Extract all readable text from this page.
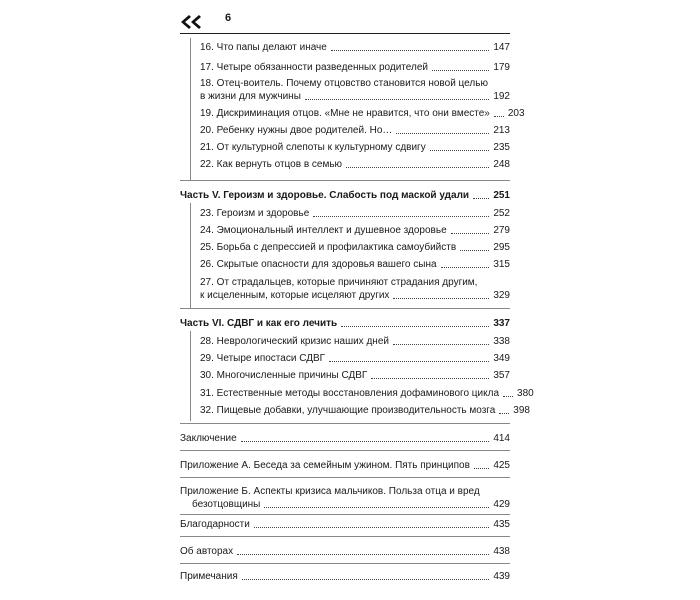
6
16. Что папы делают иначе	147
17. Четыре обязанности разведенных родителей	179
18. Отец-воитель. Почему отцовство становится новой целью
в жизни для мужчины	192
19. Дискриминация отцов. «Мне не нравится, что они вместе» 203
20. Ребенку нужны двое родителей. Но…	213
21. От культурной слепоты к культурному сдвигу	235
22. Как вернуть отцов в семью	248
Часть V. Героизм и здоровье. Слабость под маской удали 251
23. Героизм и здоровье	252
24. Эмоциональный интеллект и душевное здоровье	279
25. Борьба с депрессией и профилактика самоубийств	295
26. Скрытые опасности для здоровья вашего сына	315
27. От страдальцев, которые причиняют страдания другим,
к исцеленным, которые исцеляют других	329
Часть VI. СДВГ и как его лечить	337
28. Неврологический кризис наших дней	338
29. Четыре ипостаси СДВГ	349
30. Многочисленные причины СДВГ	357
31. Естественные методы восстановления дофаминового цикла 380
32. Пищевые добавки, улучшающие производительность мозга 398
Заключение	414
Приложение А. Беседа за семейным ужином. Пять принципов 425
Приложение Б. Аспекты кризиса мальчиков. Польза отца и вред
безотцовщины	429
Благодарности	435
Об авторах	438
Примечания	439
